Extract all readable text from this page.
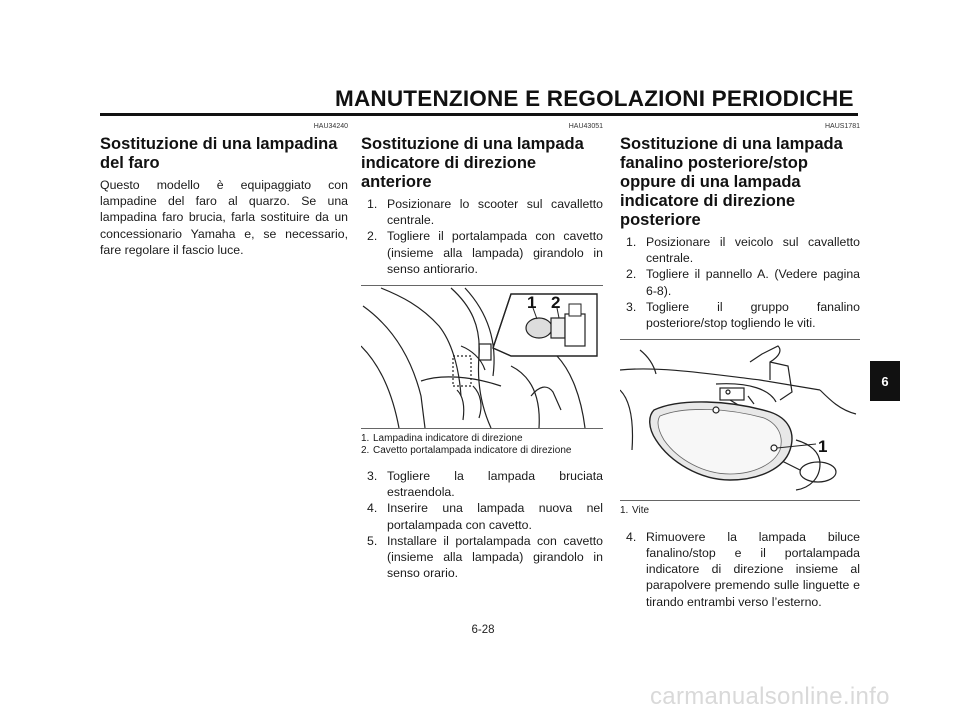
MANUTENZIONE E REGOLAZIONI PERIODICHE
HAU34240
Sostituzione di una lampadina del faro

Questo modello è equipaggiato con lampadine del faro al quarzo. Se una lampadina faro brucia, farla sostituire da un concessionario Yamaha e, se necessario, fare regolare il fascio luce.

HAU43051
Sostituzione di una lampada indicatore di direzione anteriore
1. Posizionare lo scooter sul cavalletto centrale.
2. Togliere il portalampada con cavetto (insieme alla lampada) girandolo in senso antiorario.
1 2
1. Lampadina indicatore di direzione
2. Cavetto portalampada indicatore di direzione
3. Togliere la lampada bruciata estraendola.
4. Inserire una lampada nuova nel portalampada con cavetto.
5. Installare il portalampada con cavetto (insieme alla lampada) girandolo in senso orario.
HAUS1781
Sostituzione di una lampada fanalino posteriore/stop oppure di una lampada indicatore di direzione posteriore
1. Posizionare il veicolo sul cavalletto centrale.
2. Togliere il pannello A. (Vedere pagina 6-8).
3. Togliere il gruppo fanalino posteriore/stop togliendo le viti.
1
1. Vite
4. Rimuovere la lampada biluce fanalino/stop e il portalampada indicatore di direzione insieme al parapolvere premendo sulle linguette e tirando entrambi verso l’esterno.
6-28
6
carmanualsonline.info
